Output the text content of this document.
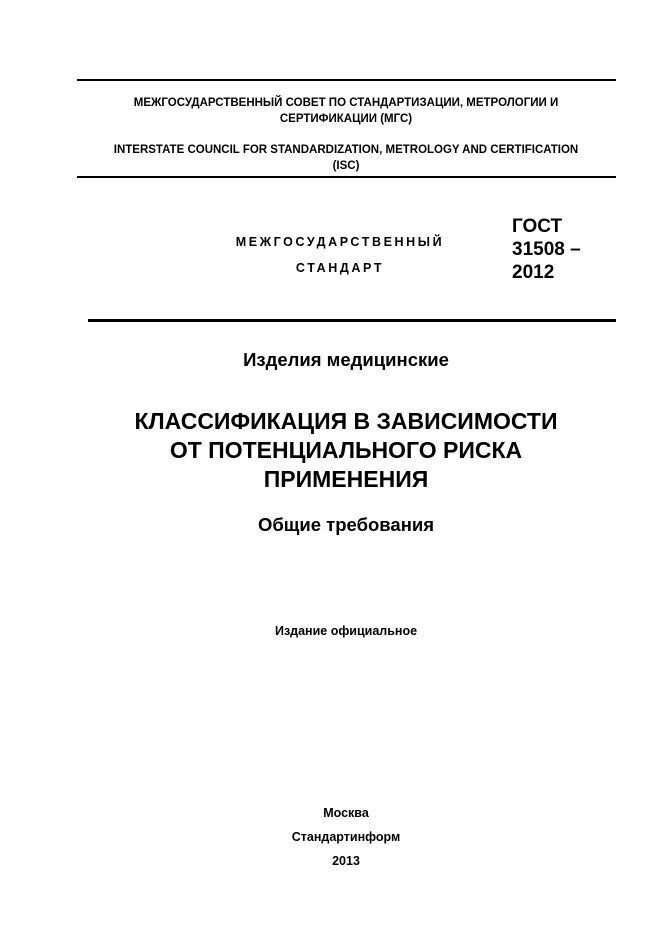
МЕЖГОСУДАРСТВЕННЫЙ СОВЕТ ПО СТАНДАРТИЗАЦИИ, МЕТРОЛОГИИ И СЕРТИФИКАЦИИ (МГС)
INTERSTATE COUNCIL FOR STANDARDIZATION, METROLOGY AND CERTIFICATION (ISC)
МЕЖГОСУДАРСТВЕННЫЙ
СТАНДАРТ
ГОСТ
31508 –
2012
Изделия медицинские
КЛАССИФИКАЦИЯ В ЗАВИСИМОСТИ ОТ ПОТЕНЦИАЛЬНОГО РИСКА ПРИМЕНЕНИЯ
Общие требования
Издание официальное
Москва
Стандартинформ
2013
